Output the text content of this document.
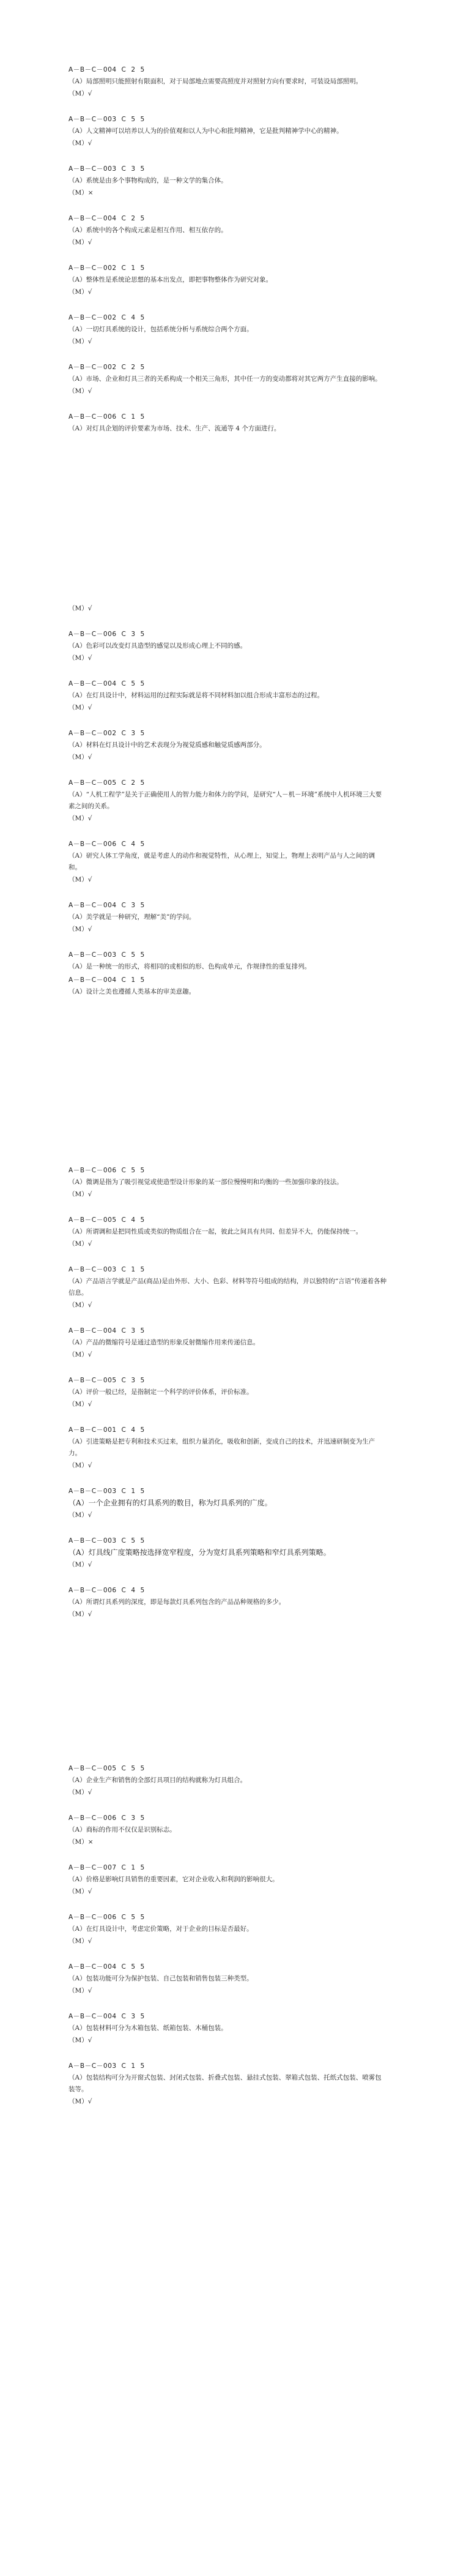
A－B－C－004  C  2  5
（A）局部照明只能照射有限面积，对于局部地点需要高照度并对照射方向有要求时，可装设局部照明。
（M）√
A－B－C－003  C  5  5
（A）人文精神可以培养以人为的价值观和以人为中心和批判精神，它是批判精神学中心的精神。
（M）√
A－B－C－003  C  3  5
（A）系统是由多个事物构成的，是一种文学的集合体。
（M）×
A－B－C－004  C  2  5
（A）系统中的各个构成元素是相互作用、相互依存的。
（M）√
A－B－C－002  C  1  5
（A）整体性是系统论思想的基本出发点，即把事物整体作为研究对象。
（M）√
A－B－C－002  C  4  5
（A）一切灯具系统的设计，包括系统分析与系统综合两个方面。
（M）√
A－B－C－002  C  2  5
（A）市场、企业和灯具三者的关系构成一个相关三角形，其中任一方的变动都将对其它两方产生直接的影响。
（M）√
A－B－C－006  C  1  5
（A）对灯具企划的评价要素为市场、技术、生产、流通等 4 个方面进行。
（M）√
A－B－C－006  C  3  5
（A）色彩可以改变灯具造型的感觉以及形成心理上不同的感。
（M）√
A－B－C－004  C  5  5
（A）在灯具设计中，材料运用的过程实际就是将不同材料加以组合形成丰富形态的过程。
（M）√
A－B－C－002  C  3  5
（A）材料在灯具设计中的艺术表现分为视觉质感和触觉质感两部分。
（M）√
A－B－C－005  C  2  5
（A）“人机工程学”是关于正确使用人的智力能力和体力的学问，是研究“人－机－环境”系统中人机环境三大要素之间的关系。
（M）√
A－B－C－006  C  4  5
（A）研究人体工学角度，就是考虑人的动作和视觉特性，从心理上，知觉上，物理上表明产品与人之间的调和。
（M）√
A－B－C－004  C  3  5
（A）美学就是一种研究，理解“美”的学问。
（M）√
A－B－C－003  C  5  5
（A）是一种统一的形式，将相同的或相似的形、色构成单元，作规律性的重复排列。
A－B－C－004  C  1  5
（A）设计之美也遵循人类基本的审美意趣。
A－B－C－006  C  5  5
（A）微调是指为了吸引视觉或使造型设计形象的某一部位慢慢明和均衡的一些加强印象的技法。
（M）√
A－B－C－005  C  4  5
（A）所谓调和是把同性质或类似的物质组合在一起，彼此之间具有共同、但差异不大，仍能保持统一。
（M）√
A－B－C－003  C  1  5
（A）产品语言学就是产品(商品)是由外形、大小、色彩、材料等符号组成的结构，并以独特的“言语”传递着各种信息。
（M）√
A－B－C－004  C  3  5
（A）产品的微缩符号是通过造型的形象反射微缩作用来传递信息。
（M）√
A－B－C－005  C  3  5
（A）评价一般已经，是指制定一个科学的评价体系，评价标准。
（M）√
A－B－C－001  C  4  5
（A）引进策略是把专利和技术买过来，组织力量消化，吸收和创新，变成自己的技术，并迅速研制变为生产力。
（M）√
A－B－C－003  C  1  5
（A）一个企业拥有的灯具系列的数目，称为灯具系列的广度。
（M）√
A－B－C－003  C  5  5
（A）灯具线广度策略按选择宽窄程度，分为宽灯具系列策略和窄灯具系列策略。
（M）√
A－B－C－006  C  4  5
（A）所谓灯具系列的深度，即是每款灯具系列包含的产品品种规格的多少。
（M）√
A－B－C－005  C  5  5
（A）企业生产和销售的全部灯具项目的结构就称为灯具组合。
（M）√
A－B－C－006  C  3  5
（A）商标的作用不仅仅是识别标志。
（M）×
A－B－C－007  C  1  5
（A）价格是影响灯具销售的重要因素，它对企业收入和利润的影响很大。
（M）√
A－B－C－006  C  5  5
（A）在灯具设计中，考虑定价策略，对于企业的目标是否最好。
（M）√
A－B－C－004  C  5  5
（A）包装功能可分为保护包装、自己包装和销售包装三种类型。
（M）√
A－B－C－004  C  3  5
（A）包装材料可分为木箱包装、纸箱包装、木桶包装。
（M）√
A－B－C－003  C  1  5
（A）包装结构可分为开窗式包装、封闭式包装、折叠式包装、悬挂式包装、翠箱式包装、托纸式包装、喷雾包装等。
（M）√
